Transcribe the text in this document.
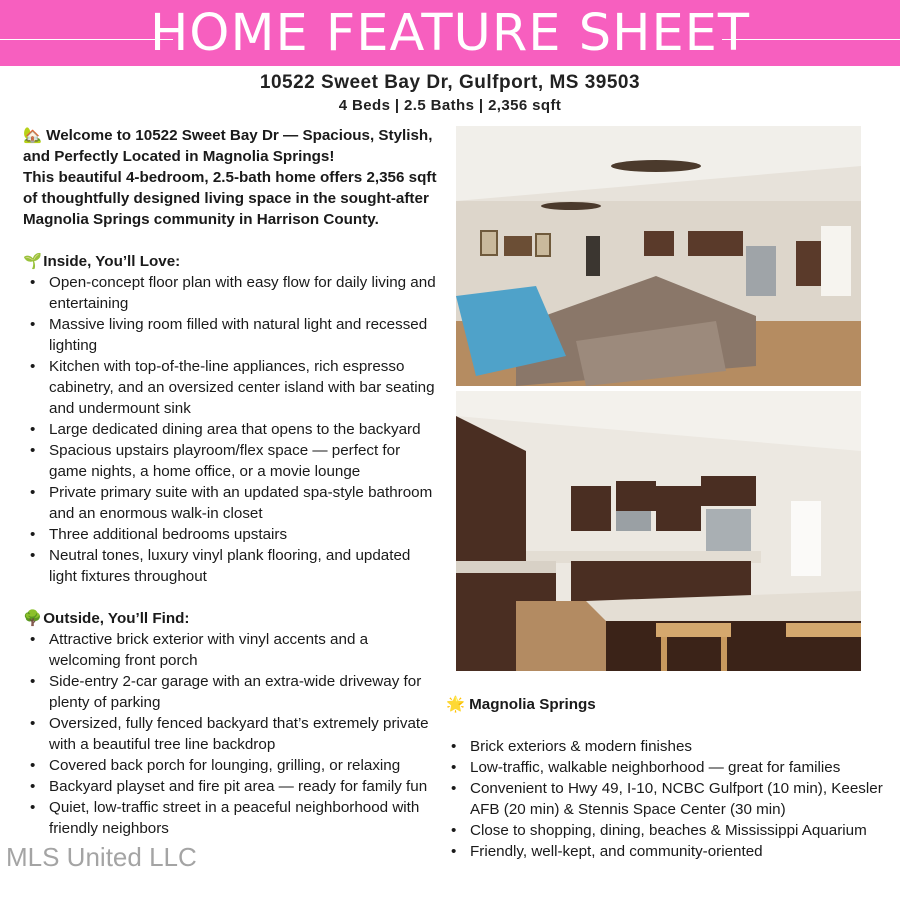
HOME FEATURE SHEET
10522 Sweet Bay Dr, Gulfport, MS 39503
4 Beds | 2.5 Baths | 2,356 sqft

🏡 Welcome to 10522 Sweet Bay Dr — Spacious, Stylish, and Perfectly Located in Magnolia Springs!

This beautiful 4-bedroom, 2.5-bath home offers 2,356 sqft of thoughtfully designed living space in the sought-after Magnolia Springs community in Harrison County.

🌱 Inside, You’ll Love:

• Open-concept floor plan with easy flow for daily living and entertaining
• Massive living room filled with natural light and recessed lighting
• Kitchen with top-of-the-line appliances, rich espresso cabinetry, and an oversized center island with bar seating and undermount sink
• Large dedicated dining area that opens to the backyard
• Spacious upstairs playroom/flex space — perfect for game nights, a home office, or a movie lounge
• Private primary suite with an updated spa-style bathroom and an enormous walk-in closet
• Three additional bedrooms upstairs
• Neutral tones, luxury vinyl plank flooring, and updated light fixtures throughout

🌳 Outside, You’ll Find:

• Attractive brick exterior with vinyl accents and a welcoming front porch
• Side-entry 2-car garage with an extra-wide driveway for plenty of parking
• Oversized, fully fenced backyard that’s extremely private with a beautiful tree line backdrop
• Covered back porch for lounging, grilling, or relaxing
• Backyard playset and fire pit area — ready for family fun
• Quiet, low-traffic street in a peaceful neighborhood with friendly neighbors

🌟 Magnolia Springs

• Brick exteriors & modern finishes
• Low-traffic, walkable neighborhood — great for families
• Convenient to Hwy 49, I-10, NCBC Gulfport (10 min), Keesler AFB (20 min) & Stennis Space Center (30 min)
• Close to shopping, dining, beaches & Mississippi Aquarium
• Friendly, well-kept, and community-oriented
MLS United LLC
